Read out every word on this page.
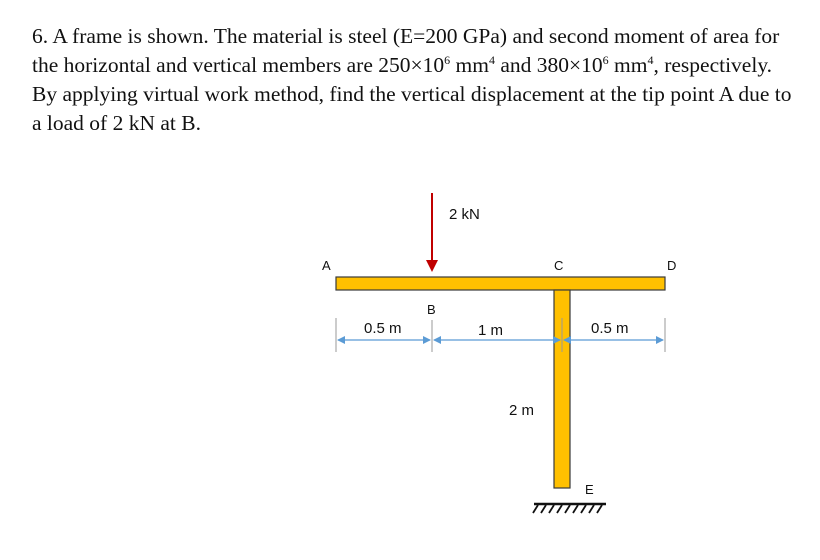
6. A frame is shown. The material is steel (E=200 GPa) and second moment of area for the horizontal and vertical members are $250\times 10^6$ $mm^4$ and $380\times 10^6$ $mm^4$, respectively. By applying virtual work method, find the vertical displacement at the tip point A due to a load of 2 kN at B.

2 kN
A
B
C	D
E
0.5 m	1 m	0.5 m
2 m
